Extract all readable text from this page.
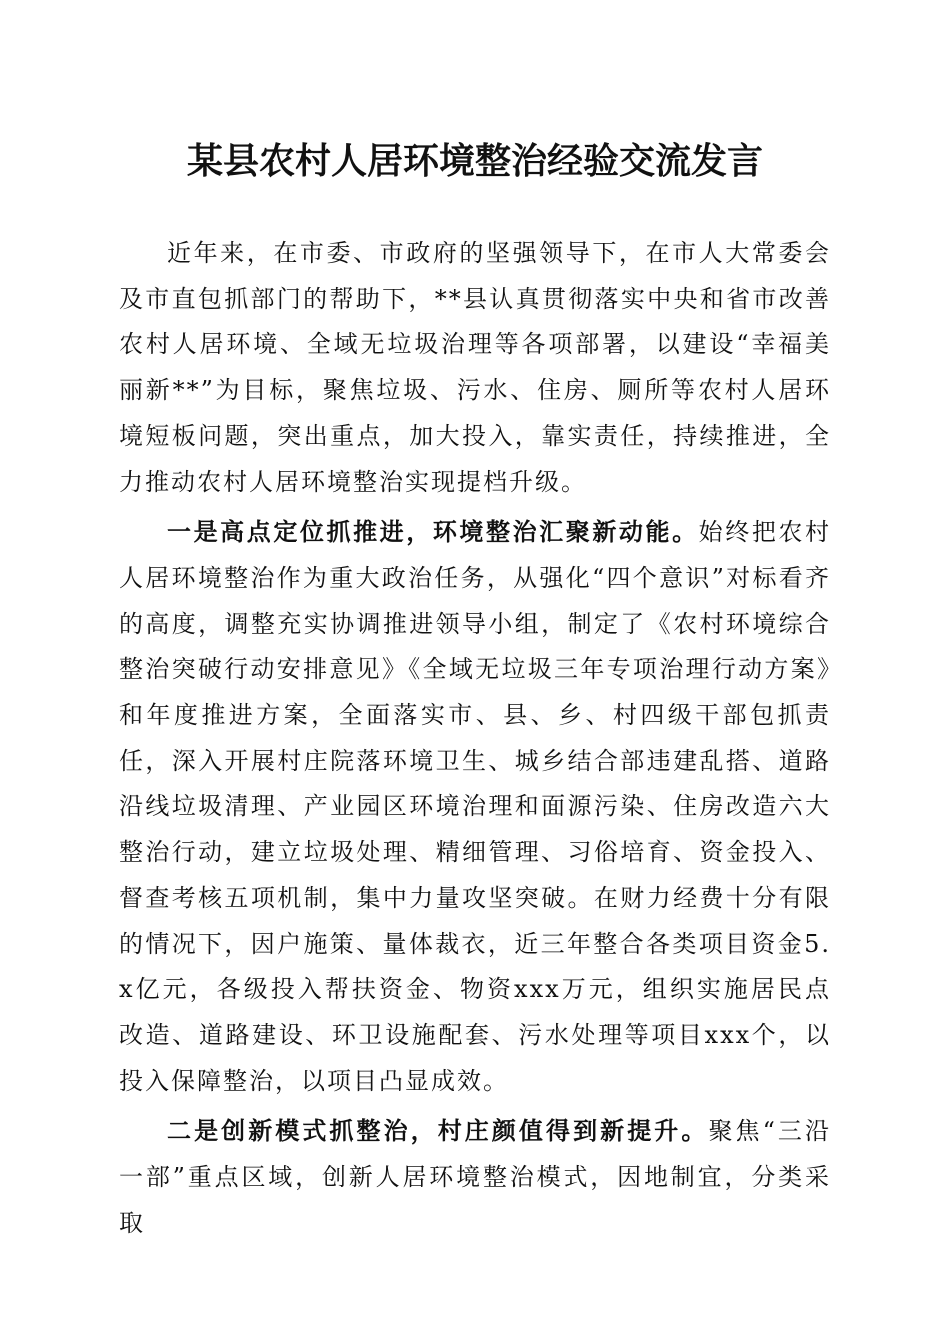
某县农村人居环境整治经验交流发言

近年来，在市委、市政府的坚强领导下，在市人大常委会及市直包抓部门的帮助下，**县认真贯彻落实中央和省市改善农村人居环境、全域无垃圾治理等各项部署，以建设“幸福美丽新**”为目标，聚焦垃圾、污水、住房、厕所等农村人居环境短板问题，突出重点，加大投入，靠实责任，持续推进，全力推动农村人居环境整治实现提档升级。

一是高点定位抓推进，环境整治汇聚新动能。始终把农村人居环境整治作为重大政治任务，从强化“四个意识”对标看齐的高度，调整充实协调推进领导小组，制定了《农村环境综合整治突破行动安排意见》《全域无垃圾三年专项治理行动方案》和年度推进方案，全面落实市、县、乡、村四级干部包抓责任，深入开展村庄院落环境卫生、城乡结合部违建乱搭、道路沿线垃圾清理、产业园区环境治理和面源污染、住房改造六大整治行动，建立垃圾处理、精细管理、习俗培育、资金投入、督查考核五项机制，集中力量攻坚突破。在财力经费十分有限的情况下，因户施策、量体裁衣，近三年整合各类项目资金5.x亿元，各级投入帮扶资金、物资xxx万元，组织实施居民点改造、道路建设、环卫设施配套、污水处理等项目xxx个，以投入保障整治，以项目凸显成效。

二是创新模式抓整治，村庄颜值得到新提升。聚焦“三沿一部”重点区域，创新人居环境整治模式，因地制宜，分类采取
